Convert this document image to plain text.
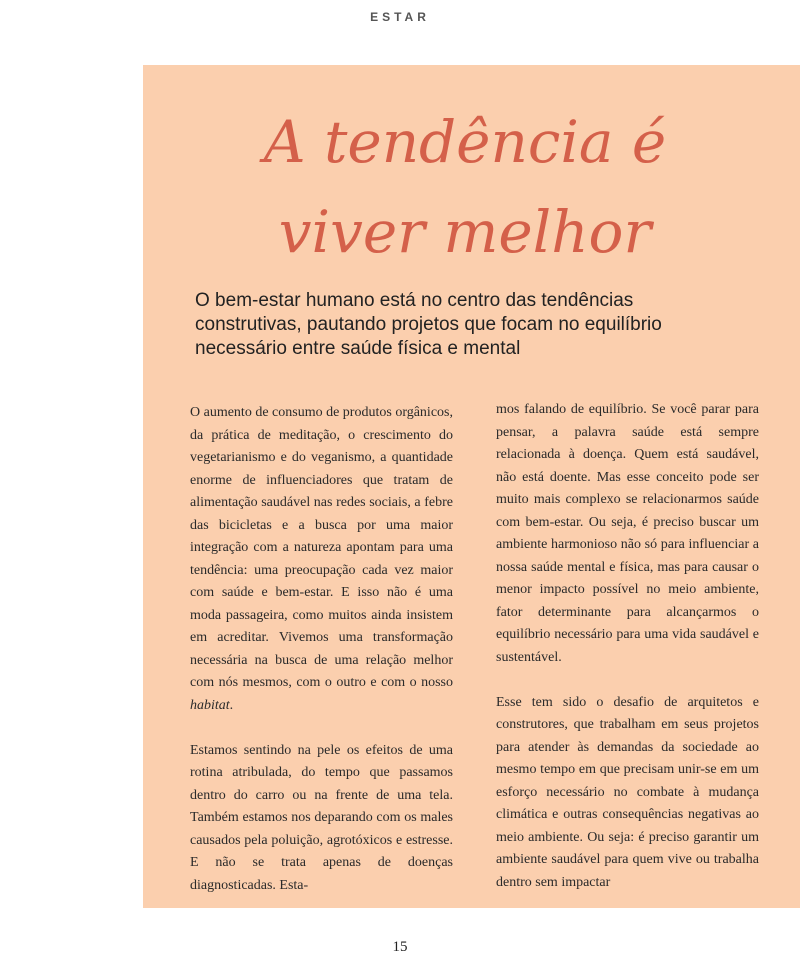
ESTAR
A tendência é
viver melhor

O bem-estar humano está no centro das tendências construtivas, pautando projetos que focam no equilíbrio necessário entre saúde física e mental

O aumento de consumo de produtos orgânicos, da prática de meditação, o crescimento do vegetarianismo e do veganismo, a quantidade enorme de influenciadores que tratam de alimentação saudável nas redes sociais, a febre das bicicletas e a busca por uma maior integração com a natureza apontam para uma tendência: uma preocupação cada vez maior com saúde e bem-estar. E isso não é uma moda passageira, como muitos ainda insistem em acreditar. Vivemos uma transformação necessária na busca de uma relação melhor com nós mesmos, com o outro e com o nosso habitat.

Estamos sentindo na pele os efeitos de uma rotina atribulada, do tempo que passamos dentro do carro ou na frente de uma tela. Também estamos nos deparando com os males causados pela poluição, agrotóxicos e estresse. E não se trata apenas de doenças diagnosticadas. Esta-

mos falando de equilíbrio. Se você parar para pensar, a palavra saúde está sempre relacionada à doença. Quem está saudável, não está doente. Mas esse conceito pode ser muito mais complexo se relacionarmos saúde com bem-estar. Ou seja, é preciso buscar um ambiente harmonioso não só para influenciar a nossa saúde mental e física, mas para causar o menor impacto possível no meio ambiente, fator determinante para alcançarmos o equilíbrio necessário para uma vida saudável e sustentável.

Esse tem sido o desafio de arquitetos e construtores, que trabalham em seus projetos para atender às demandas da sociedade ao mesmo tempo em que precisam unir-se em um esforço necessário no combate à mudança climática e outras consequências negativas ao meio ambiente. Ou seja: é preciso garantir um ambiente saudável para quem vive ou trabalha dentro sem impactar

15
